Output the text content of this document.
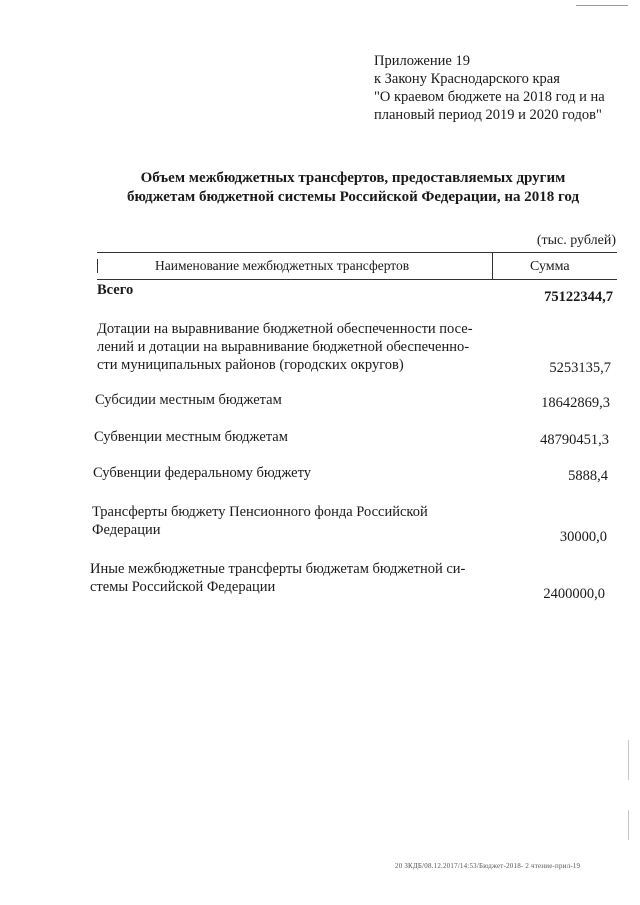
Приложение 19
к Закону Краснодарского края
"О краевом бюджете на 2018 год и на
плановый период 2019 и 2020 годов"
Объем межбюджетных трансфертов, предоставляемых другим
бюджетам бюджетной системы Российской Федерации, на 2018 год
(тыс. рублей)
Наименование межбюджетных трансфертов	Сумма
Всего	75122344,7
Дотации на выравнивание бюджетной обеспеченности посе-
лений и дотации на выравнивание бюджетной обеспеченно-
сти муниципальных районов (городских округов)	5253135,7
Субсидии местным бюджетам	18642869,3
Субвенции местным бюджетам	48790451,3
Субвенции федеральному бюджету	5888,4
Трансферты бюджету Пенсионного фонда Российской
Федерации	30000,0
Иные межбюджетные трансферты бюджетам бюджетной си-
стемы Российской Федерации	2400000,0
20 ЗКДБ/08.12.2017/14:53/Бюджет-2018- 2 чтение-прил-19
